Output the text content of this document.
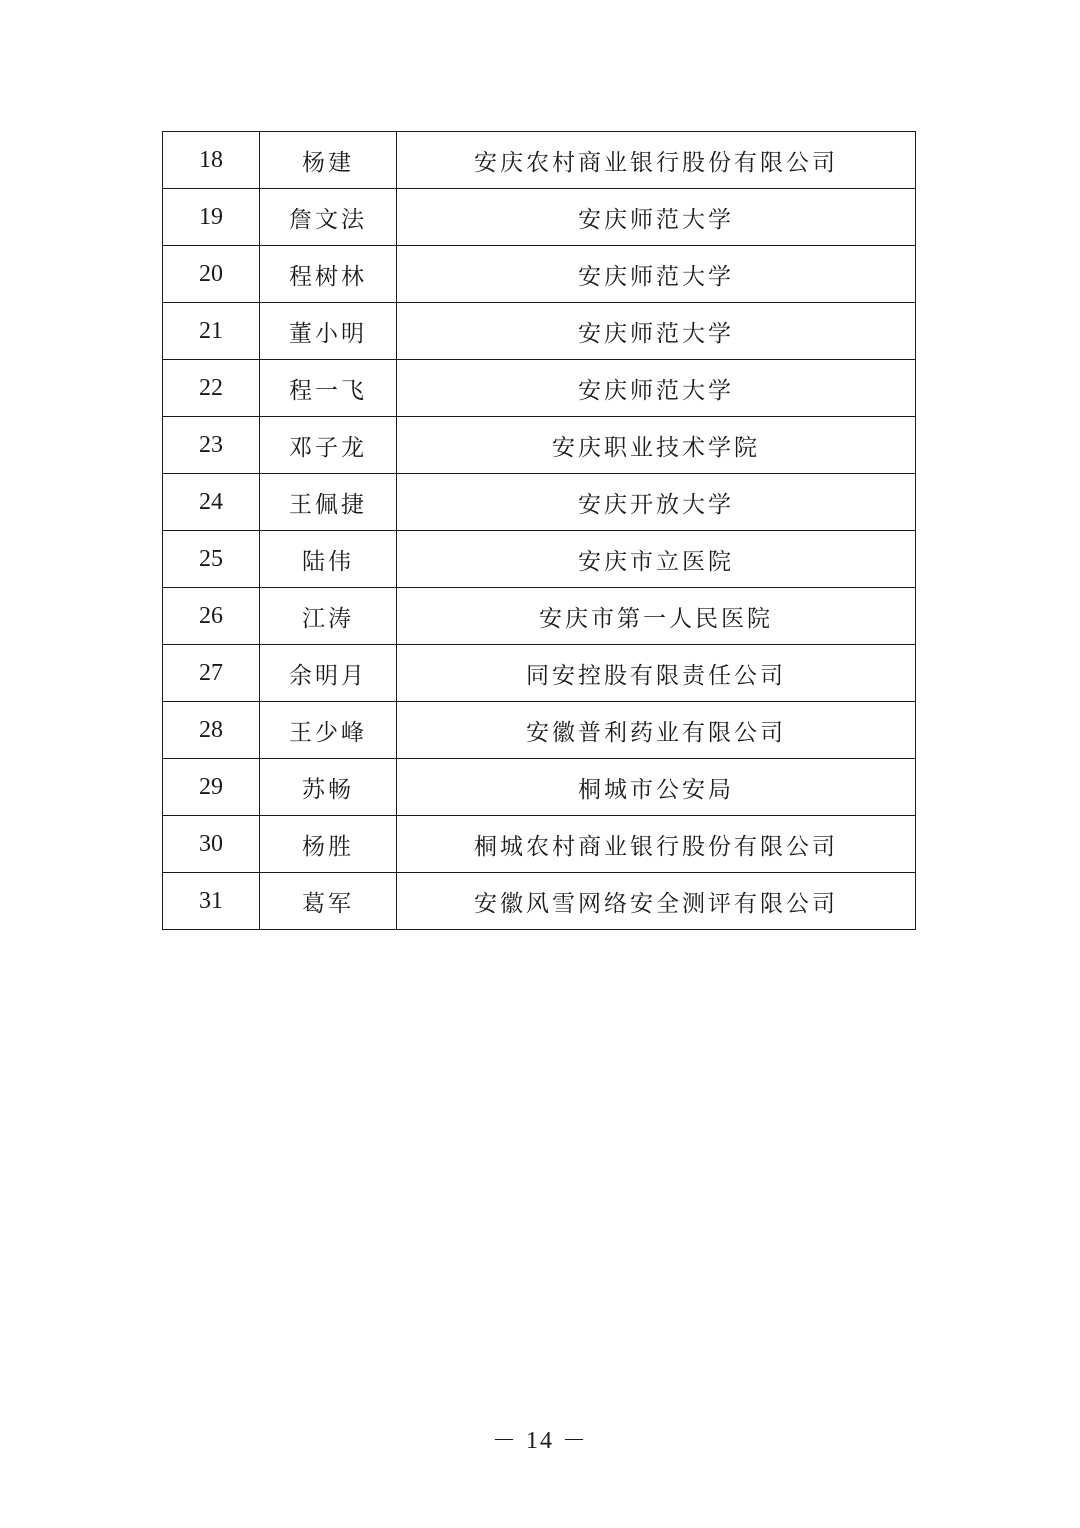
18	杨建	安庆农村商业银行股份有限公司
19	詹文法	安庆师范大学
20	程树林	安庆师范大学
21	董小明	安庆师范大学
22	程一飞	安庆师范大学
23	邓子龙	安庆职业技术学院
24	王佩捷	安庆开放大学
25	陆伟	安庆市立医院
26	江涛	安庆市第一人民医院
27	余明月	同安控股有限责任公司
28	王少峰	安徽普利药业有限公司
29	苏畅	桐城市公安局
30	杨胜	桐城农村商业银行股份有限公司
31	葛军	安徽风雪网络安全测评有限公司
－ 14 －
